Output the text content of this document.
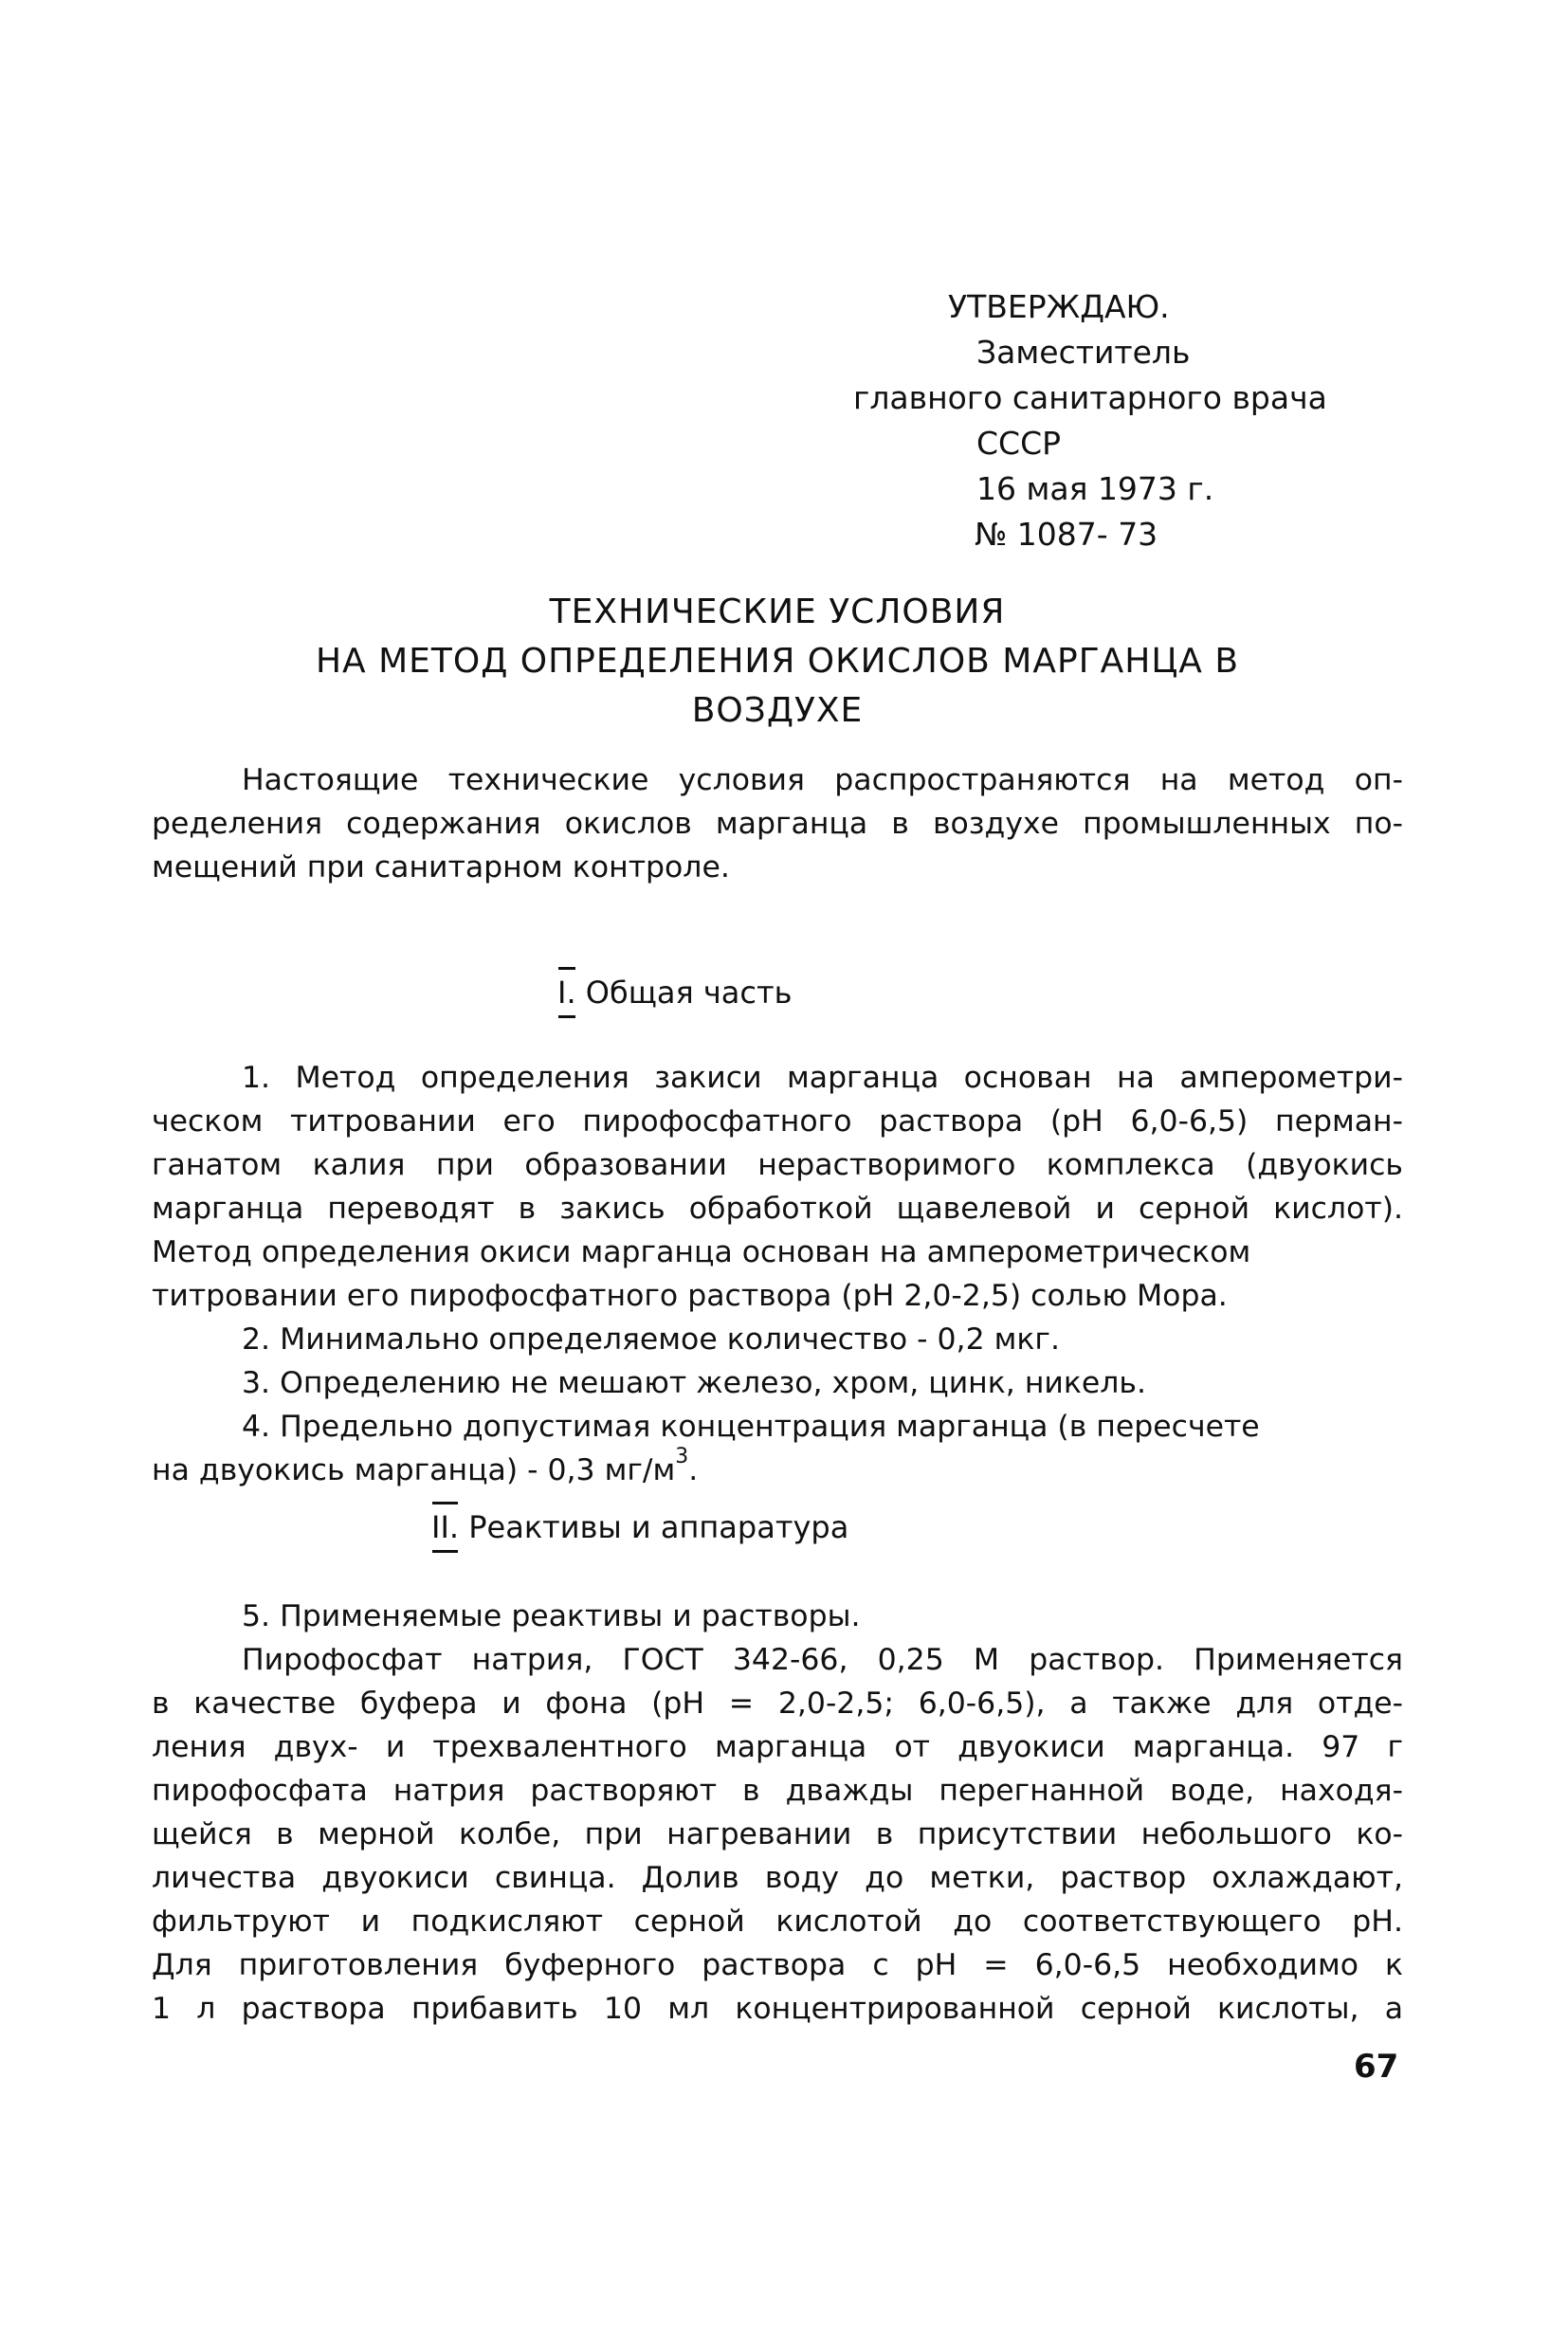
УТВЕРЖДАЮ.
Заместитель
главного санитарного врача
СССР
16 мая 1973 г.
№ 1087- 73
ТЕХНИЧЕСКИЕ УСЛОВИЯ
НА МЕТОД ОПРЕДЕЛЕНИЯ ОКИСЛОВ МАРГАНЦА В
ВОЗДУХЕ
Настоящие технические условия распространяются на метод оп-
ределения содержания окислов марганца в воздухе промышленных по-
мещений при санитарном контроле.
I. Общая часть
1. Метод определения закиси марганца основан на амперометри-
ческом титровании его пирофосфатного раствора (рН 6,0-6,5) перман-
ганатом калия при образовании нерастворимого комплекса (двуокись
марганца переводят в закись обработкой щавелевой и серной кислот).
Метод определения окиси марганца основан на амперометрическом
титровании его пирофосфатного раствора (рН 2,0-2,5) солью Мора.
2. Минимально определяемое количество - 0,2 мкг.
3. Определению не мешают железо, хром, цинк, никель.
4. Предельно допустимая концентрация марганца (в пересчете
на двуокись марганца) - 0,3 $мг/м^3$.
II. Реактивы и аппаратура
5. Применяемые реактивы и растворы.
Пирофосфат натрия, ГОСТ 342-66, 0,25 М раствор. Применяется
в качестве буфера и фона (рН = 2,0-2,5; 6,0-6,5), а также для отде-
ления двух- и трехвалентного марганца от двуокиси марганца. 97 г
пирофосфата натрия растворяют в дважды перегнанной воде, находя-
щейся в мерной колбе, при нагревании в присутствии небольшого ко-
личества двуокиси свинца. Долив воду до метки, раствор охлаждают,
фильтруют и подкисляют серной кислотой до соответствующего рН.
Для приготовления буферного раствора с рН = 6,0-6,5 необходимо к
1 л раствора прибавить 10 мл концентрированной серной кислоты, а
67
